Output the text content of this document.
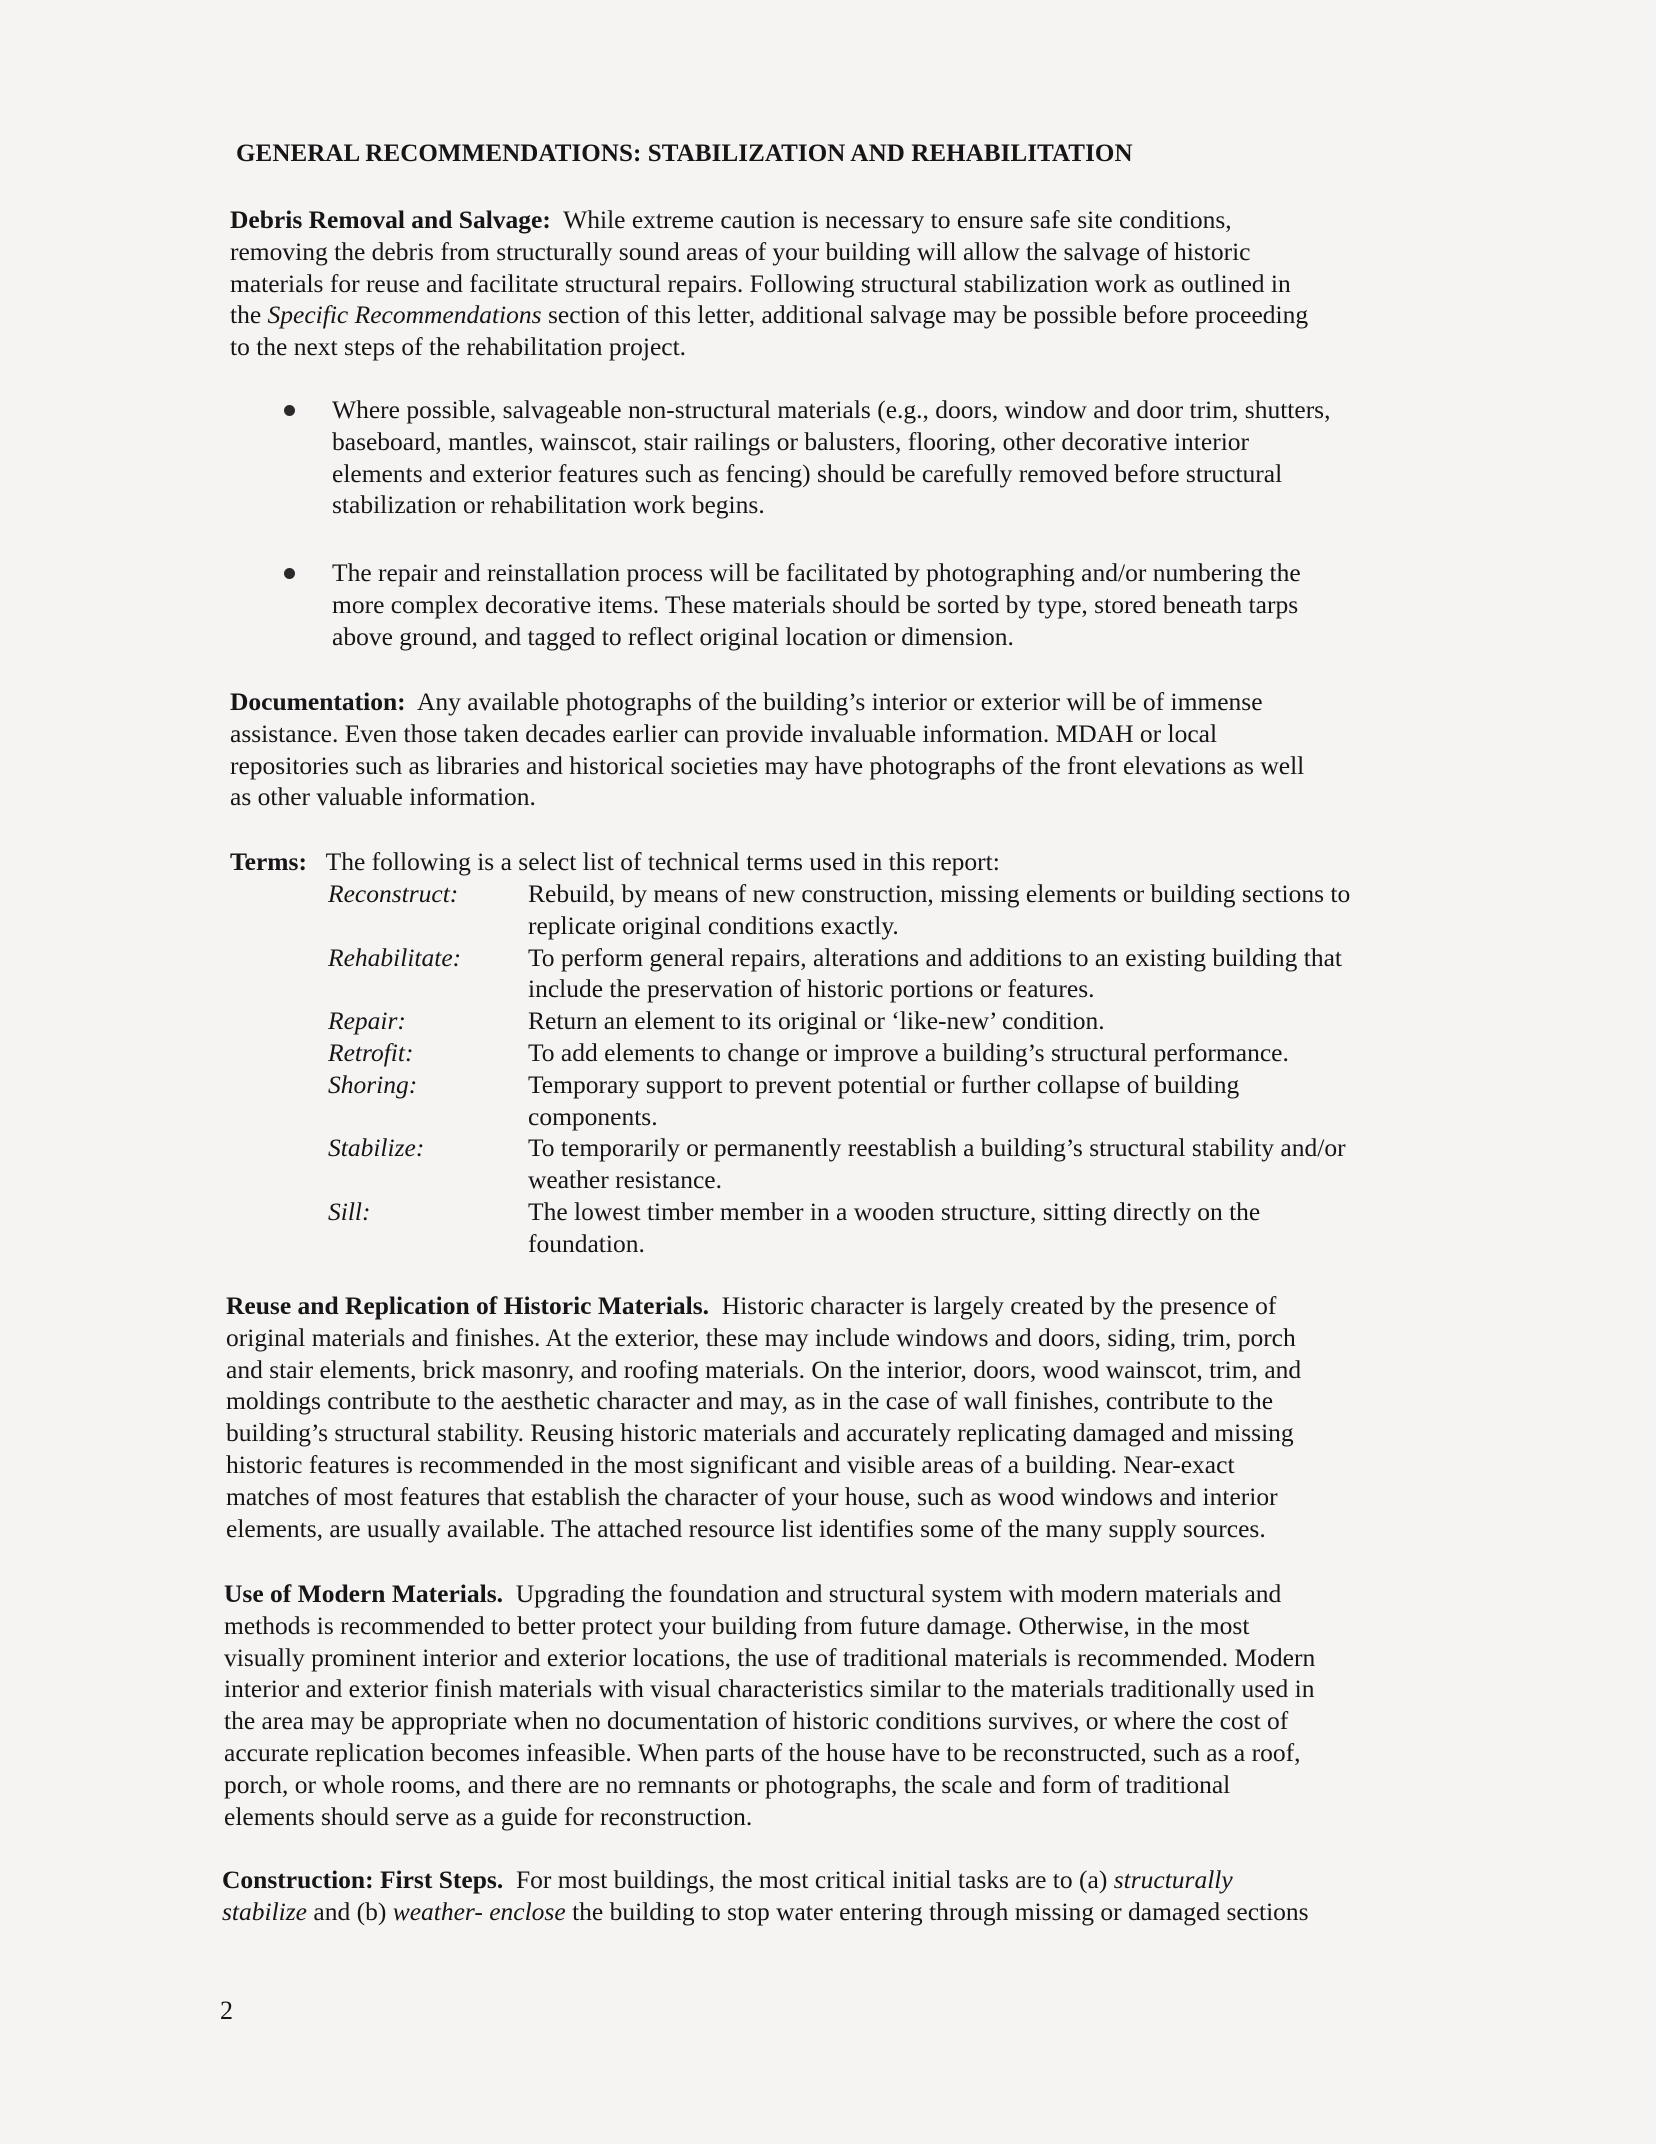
GENERAL RECOMMENDATIONS: STABILIZATION AND REHABILITATION
Debris Removal and Salvage: While extreme caution is necessary to ensure safe site conditions,
removing the debris from structurally sound areas of your building will allow the salvage of historic
materials for reuse and facilitate structural repairs. Following structural stabilization work as outlined in
the Specific Recommendations section of this letter, additional salvage may be possible before proceeding
to the next steps of the rehabilitation project.
Where possible, salvageable non-structural materials (e.g., doors, window and door trim, shutters,
baseboard, mantles, wainscot, stair railings or balusters, flooring, other decorative interior
elements and exterior features such as fencing) should be carefully removed before structural
stabilization or rehabilitation work begins.
The repair and reinstallation process will be facilitated by photographing and/or numbering the
more complex decorative items. These materials should be sorted by type, stored beneath tarps
above ground, and tagged to reflect original location or dimension.
Documentation: Any available photographs of the building’s interior or exterior will be of immense
assistance. Even those taken decades earlier can provide invaluable information. MDAH or local
repositories such as libraries and historical societies may have photographs of the front elevations as well
as other valuable information.
Terms: The following is a select list of technical terms used in this report:
Reconstruct:	Rebuild, by means of new construction, missing elements or building sections to
replicate original conditions exactly.
Rehabilitate:	To perform general repairs, alterations and additions to an existing building that
include the preservation of historic portions or features.
Repair:	Return an element to its original or ‘like-new’ condition.
Retrofit:	To add elements to change or improve a building’s structural performance.
Shoring:	Temporary support to prevent potential or further collapse of building
components.
Stabilize:	To temporarily or permanently reestablish a building’s structural stability and/or
weather resistance.
Sill:	The lowest timber member in a wooden structure, sitting directly on the
foundation.
Reuse and Replication of Historic Materials. Historic character is largely created by the presence of
original materials and finishes. At the exterior, these may include windows and doors, siding, trim, porch
and stair elements, brick masonry, and roofing materials. On the interior, doors, wood wainscot, trim, and
moldings contribute to the aesthetic character and may, as in the case of wall finishes, contribute to the
building’s structural stability. Reusing historic materials and accurately replicating damaged and missing
historic features is recommended in the most significant and visible areas of a building. Near-exact
matches of most features that establish the character of your house, such as wood windows and interior
elements, are usually available. The attached resource list identifies some of the many supply sources.
Use of Modern Materials. Upgrading the foundation and structural system with modern materials and
methods is recommended to better protect your building from future damage. Otherwise, in the most
visually prominent interior and exterior locations, the use of traditional materials is recommended. Modern
interior and exterior finish materials with visual characteristics similar to the materials traditionally used in
the area may be appropriate when no documentation of historic conditions survives, or where the cost of
accurate replication becomes infeasible. When parts of the house have to be reconstructed, such as a roof,
porch, or whole rooms, and there are no remnants or photographs, the scale and form of traditional
elements should serve as a guide for reconstruction.
Construction: First Steps. For most buildings, the most critical initial tasks are to (a) structurally
stabilize and (b) weather- enclose the building to stop water entering through missing or damaged sections
2
